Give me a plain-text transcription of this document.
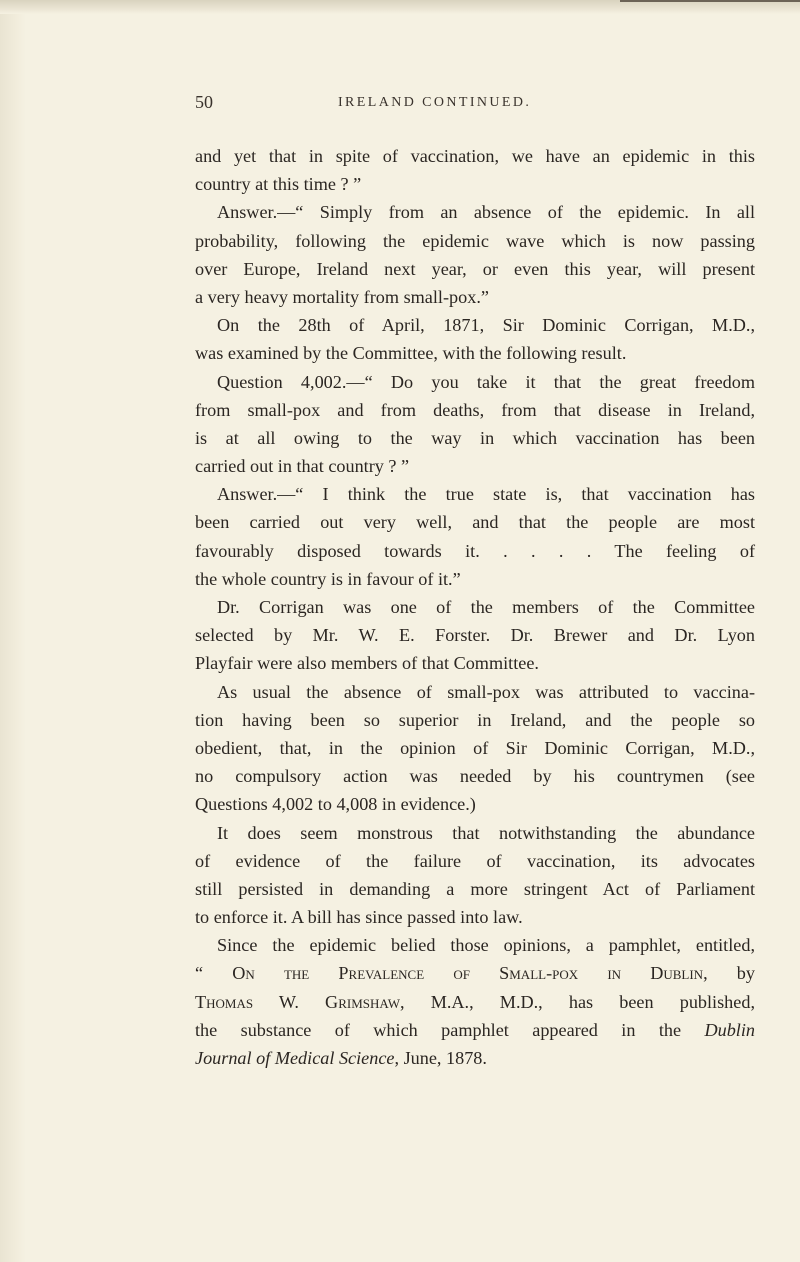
50	IRELAND CONTINUED.
and yet that in spite of vaccination, we have an epidemic in this
country at this time ? ”
Answer.—“ Simply from an absence of the epidemic. In all
probability, following the epidemic wave which is now passing
over Europe, Ireland next year, or even this year, will present
a very heavy mortality from small-pox.”
On the 28th of April, 1871, Sir Dominic Corrigan, M.D.,
was examined by the Committee, with the following result.
Question 4,002.—“ Do you take it that the great freedom
from small-pox and from deaths, from that disease in Ireland,
is at all owing to the way in which vaccination has been
carried out in that country ? ”
Answer.—“ I think the true state is, that vaccination has
been carried out very well, and that the people are most
favourably disposed towards it. . . . . The feeling of
the whole country is in favour of it.”
Dr. Corrigan was one of the members of the Committee
selected by Mr. W. E. Forster. Dr. Brewer and Dr. Lyon
Playfair were also members of that Committee.
As usual the absence of small-pox was attributed to vaccina-
tion having been so superior in Ireland, and the people so
obedient, that, in the opinion of Sir Dominic Corrigan, M.D.,
no compulsory action was needed by his countrymen (see
Questions 4,002 to 4,008 in evidence.)
It does seem monstrous that notwithstanding the abundance
of evidence of the failure of vaccination, its advocates
still persisted in demanding a more stringent Act of Parliament
to enforce it. A bill has since passed into law.
Since the epidemic belied those opinions, a pamphlet, entitled,
“ On the Prevalence of Small-pox in Dublin, by
Thomas W. Grimshaw, M.A., M.D., has been published,
the substance of which pamphlet appeared in the Dublin
Journal of Medical Science, June, 1878.
